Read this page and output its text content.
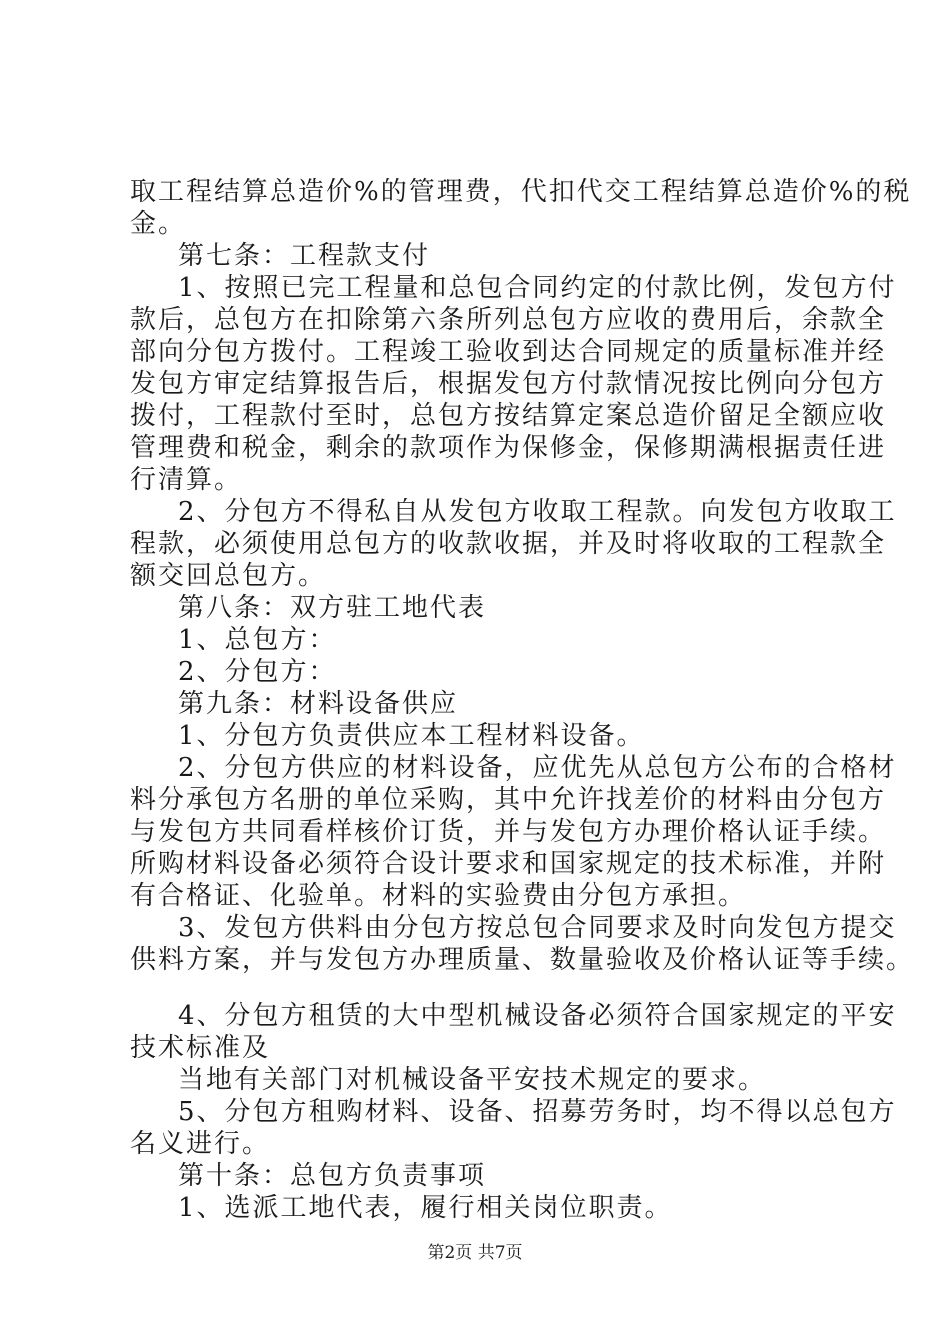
取工程结算总造价%的管理费，代扣代交工程结算总造价%的税
金。
第七条：工程款支付
1、按照已完工程量和总包合同约定的付款比例，发包方付
款后，总包方在扣除第六条所列总包方应收的费用后，余款全
部向分包方拨付。工程竣工验收到达合同规定的质量标准并经
发包方审定结算报告后，根据发包方付款情况按比例向分包方
拨付，工程款付至时，总包方按结算定案总造价留足全额应收
管理费和税金，剩余的款项作为保修金，保修期满根据责任进
行清算。
2、分包方不得私自从发包方收取工程款。向发包方收取工
程款，必须使用总包方的收款收据，并及时将收取的工程款全
额交回总包方。
第八条：双方驻工地代表
1、总包方：
2、分包方：
第九条：材料设备供应
1、分包方负责供应本工程材料设备。
2、分包方供应的材料设备，应优先从总包方公布的合格材
料分承包方名册的单位采购，其中允许找差价的材料由分包方
与发包方共同看样核价订货，并与发包方办理价格认证手续。
所购材料设备必须符合设计要求和国家规定的技术标准，并附
有合格证、化验单。材料的实验费由分包方承担。
3、发包方供料由分包方按总包合同要求及时向发包方提交
供料方案，并与发包方办理质量、数量验收及价格认证等手续。
4、分包方租赁的大中型机械设备必须符合国家规定的平安
技术标准及
当地有关部门对机械设备平安技术规定的要求。
5、分包方租购材料、设备、招募劳务时，均不得以总包方
名义进行。
第十条：总包方负责事项
1、选派工地代表，履行相关岗位职责。
第2页 共7页
